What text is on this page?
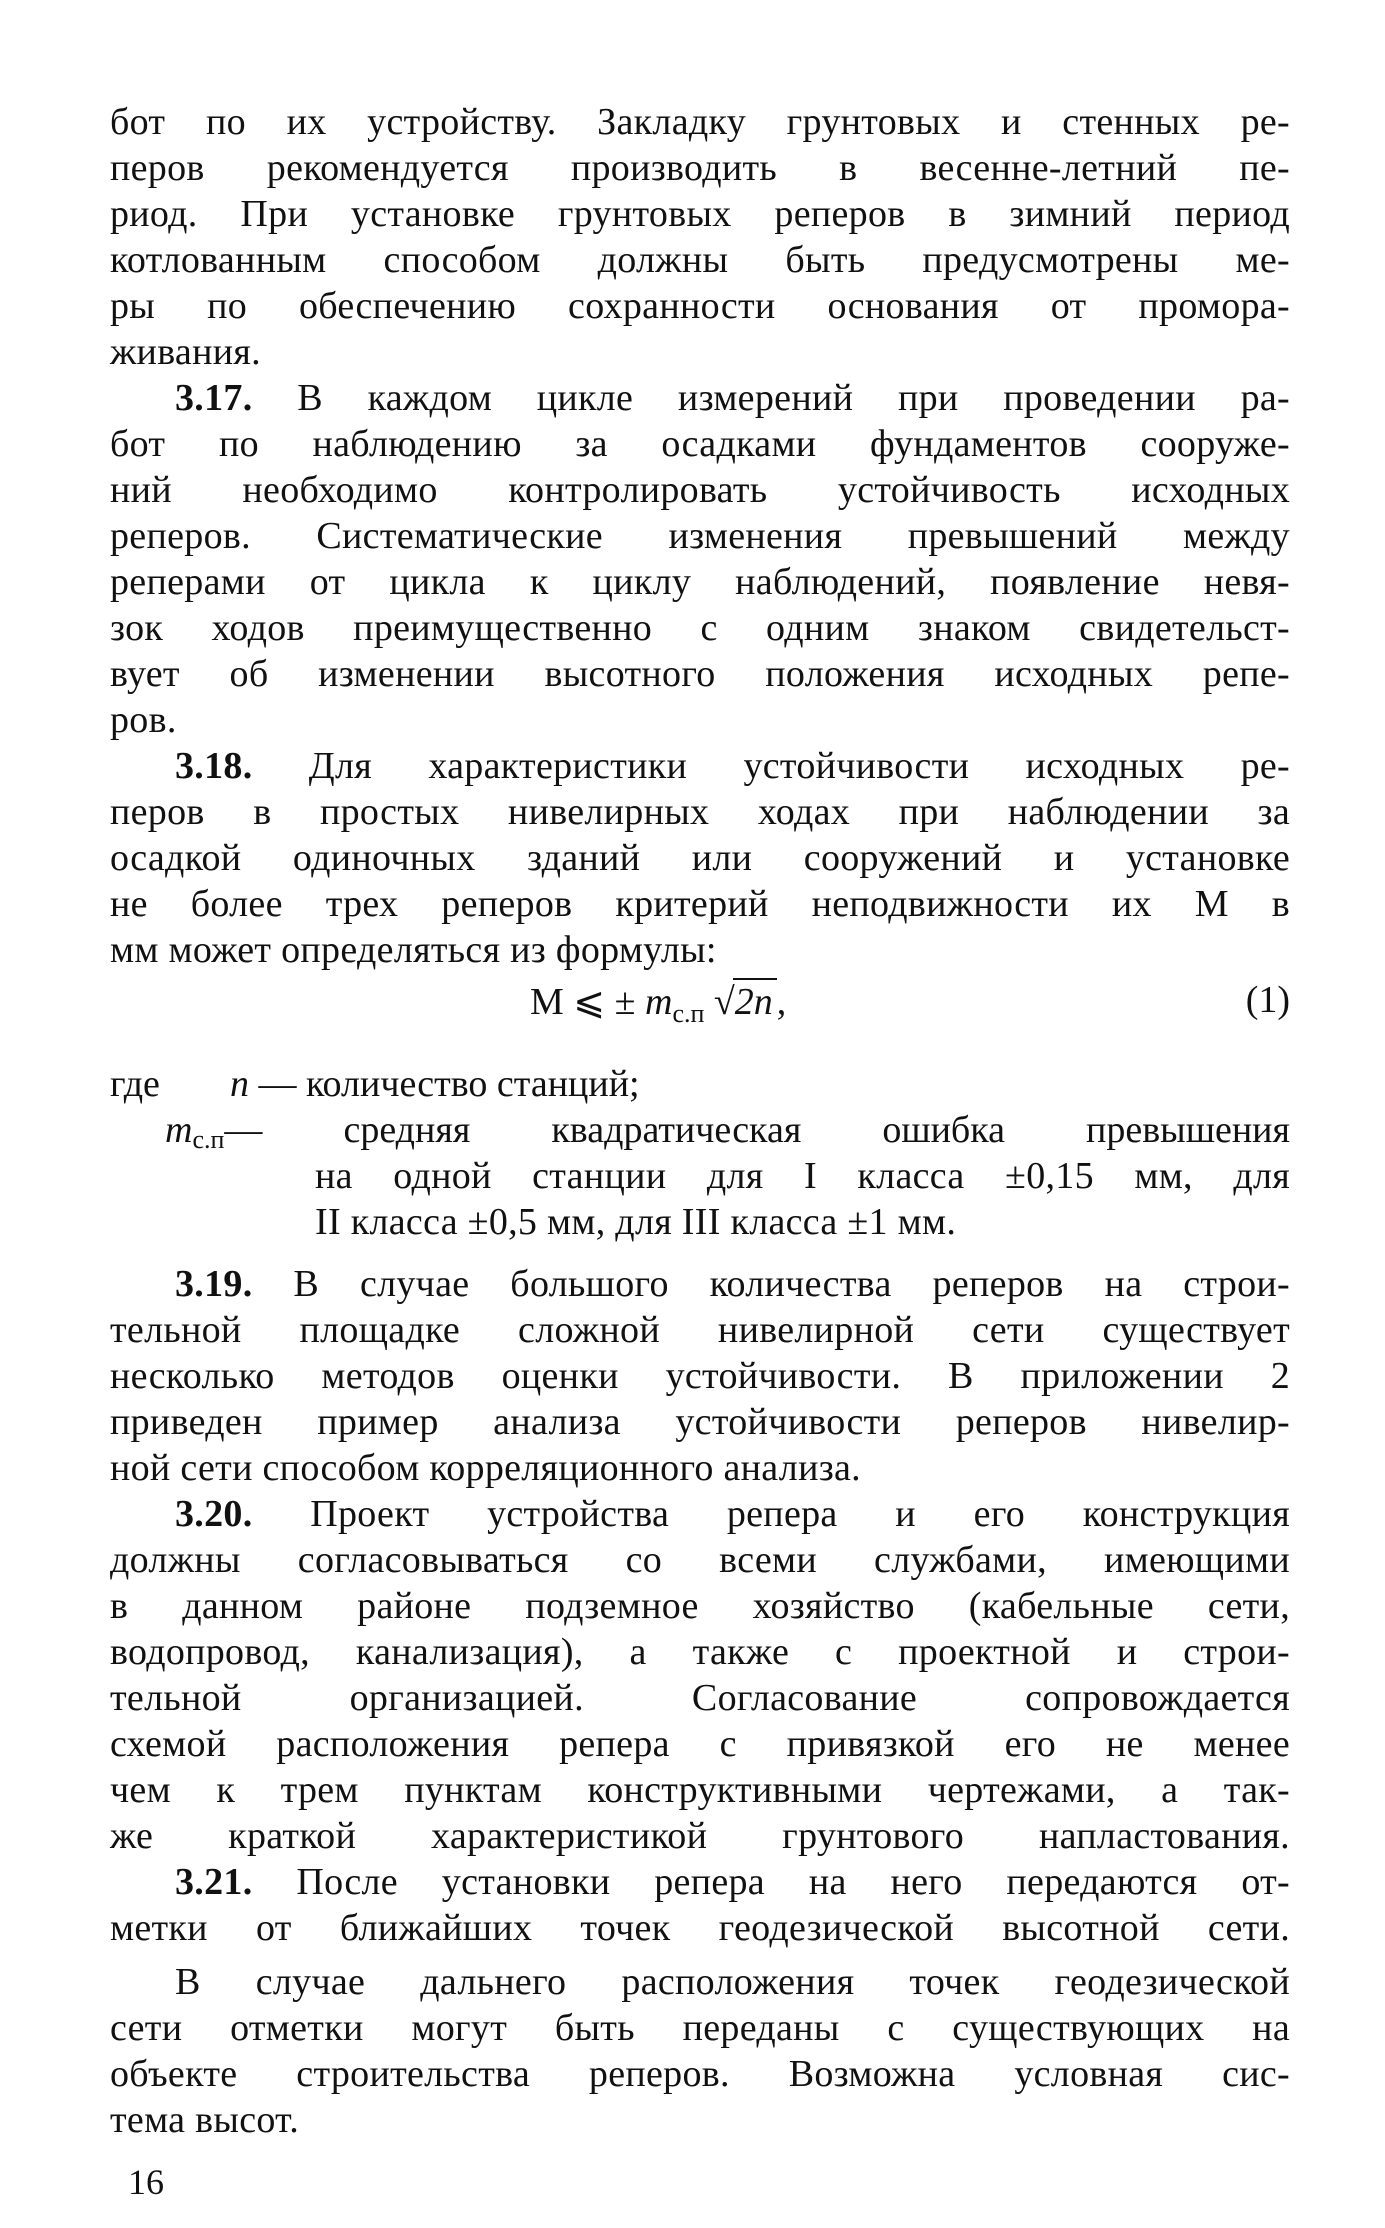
бот по их устройству. Закладку грунтовых и стенных ре-
перов рекомендуется производить в весенне-летний пе-
риод. При установке грунтовых реперов в зимний период
котлованным способом должны быть предусмотрены ме-
ры по обеспечению сохранности основания от промора-
живания.
3.17. В каждом цикле измерений при проведении ра-
бот по наблюдению за осадками фундаментов сооруже-
ний необходимо контролировать устойчивость исходных
реперов. Систематические изменения превышений между
реперами от цикла к циклу наблюдений, появление невя-
зок ходов преимущественно с одним знаком свидетельст-
вует об изменении высотного положения исходных репе-
ров.
3.18. Для характеристики устойчивости исходных ре-
перов в простых нивелирных ходах при наблюдении за
осадкой одиночных зданий или сооружений и установке
не более трех реперов критерий неподвижности их М в
мм может определяться из формулы:
М ⩽ ± $m_{с.п}$ √2n ,	(1)
где n — количество станций;
$m_{с.п}—$ средняя квадратическая ошибка превышения
на одной станции для I класса ±0,15 мм, для
II класса ±0,5 мм, для III класса ±1 мм.
3.19. В случае большого количества реперов на строи-
тельной площадке сложной нивелирной сети существует
несколько методов оценки устойчивости. В приложении 2
приведен пример анализа устойчивости реперов нивелир-
ной сети способом корреляционного анализа.
3.20. Проект устройства репера и его конструкция
должны согласовываться со всеми службами, имеющими
в данном районе подземное хозяйство (кабельные сети,
водопровод, канализация), а также с проектной и строи-
тельной организацией. Согласование сопровождается
схемой расположения репера с привязкой его не менее
чем к трем пунктам конструктивными чертежами, а так-
же краткой характеристикой грунтового напластования.
3.21. После установки репера на него передаются от-
метки от ближайших точек геодезической высотной сети.
В случае дальнего расположения точек геодезической
сети отметки могут быть переданы с существующих на
объекте строительства реперов. Возможна условная сис-
тема высот.
16
